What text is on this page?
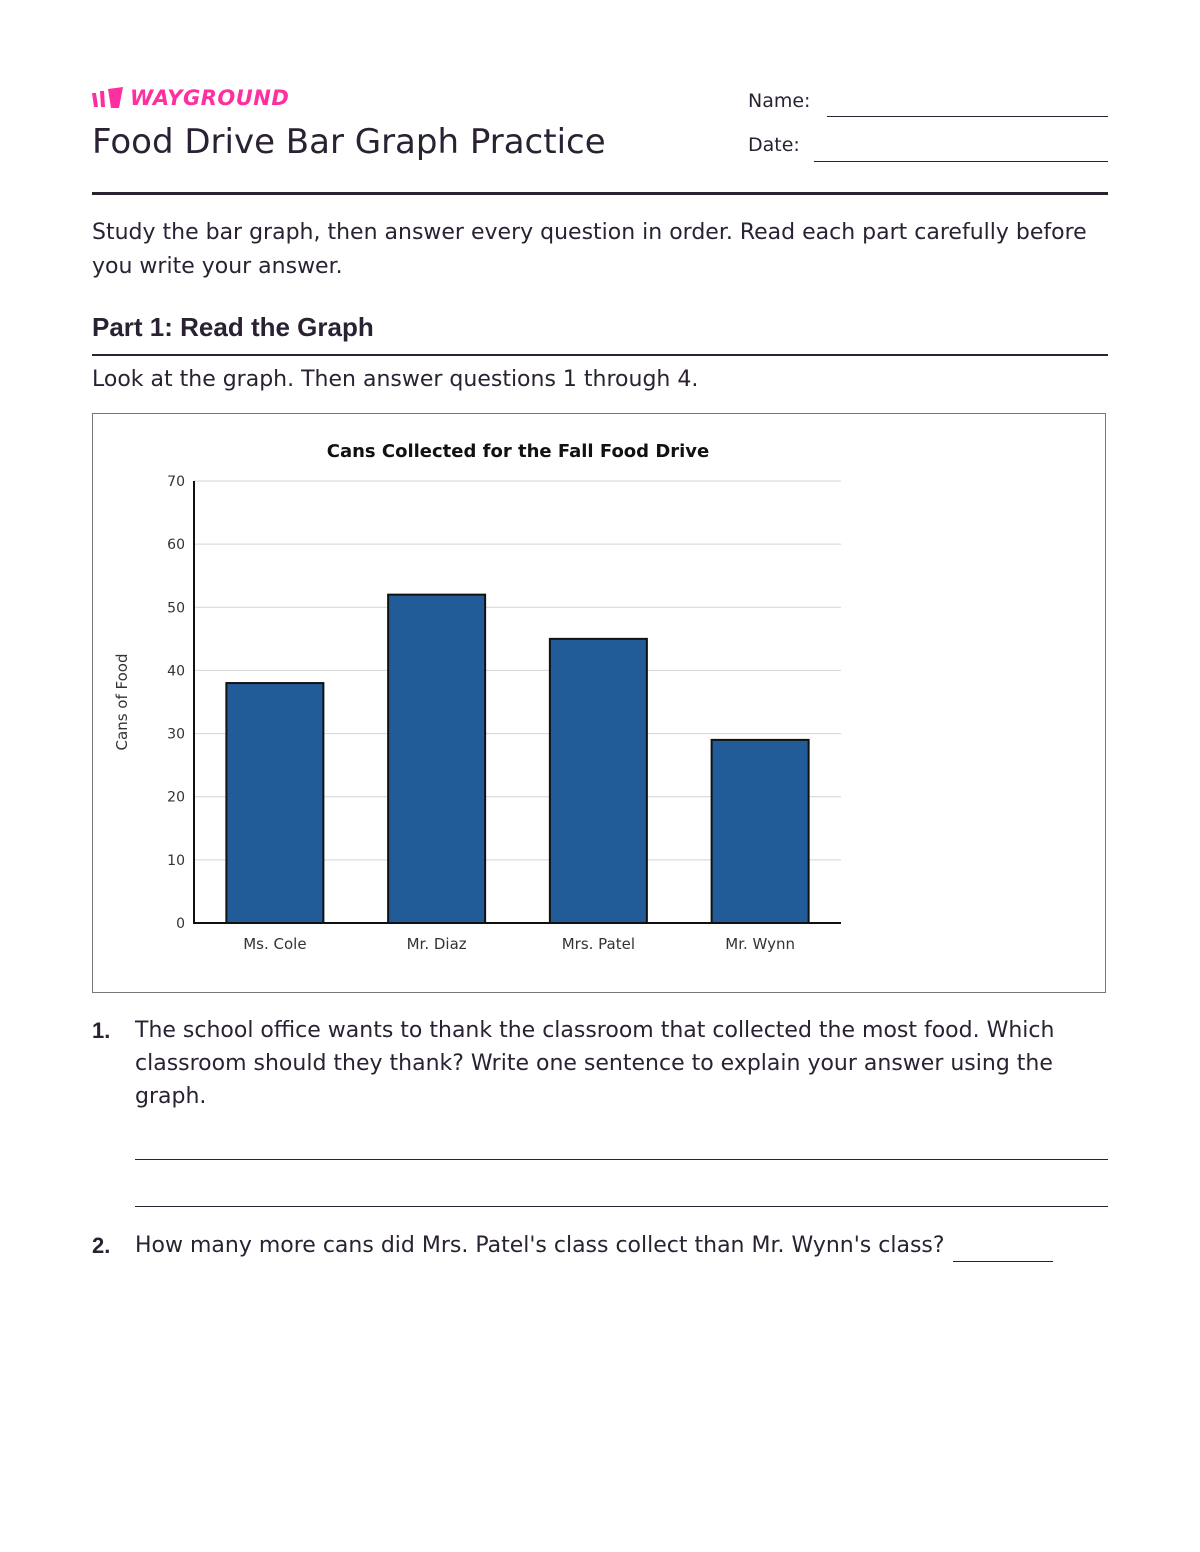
WAYGROUND
Food Drive Bar Graph Practice
Name:
Date:

Study the bar graph, then answer every question in order. Read each part carefully before you write your answer.

Part 1: Read the Graph

Look at the graph. Then answer questions 1 through 4.

Cans Collected for the Fall Food Drive
Cans of Food
0
10
20
30
40
50
60
70
Ms. Cole	Mr. Diaz	Mrs. Patel	Mr. Wynn
1.	The school office wants to thank the classroom that collected the most food. Which classroom should they thank? Write one sentence to explain your answer using the graph.
2.	How many more cans did Mrs. Patel's class collect than Mr. Wynn's class?
